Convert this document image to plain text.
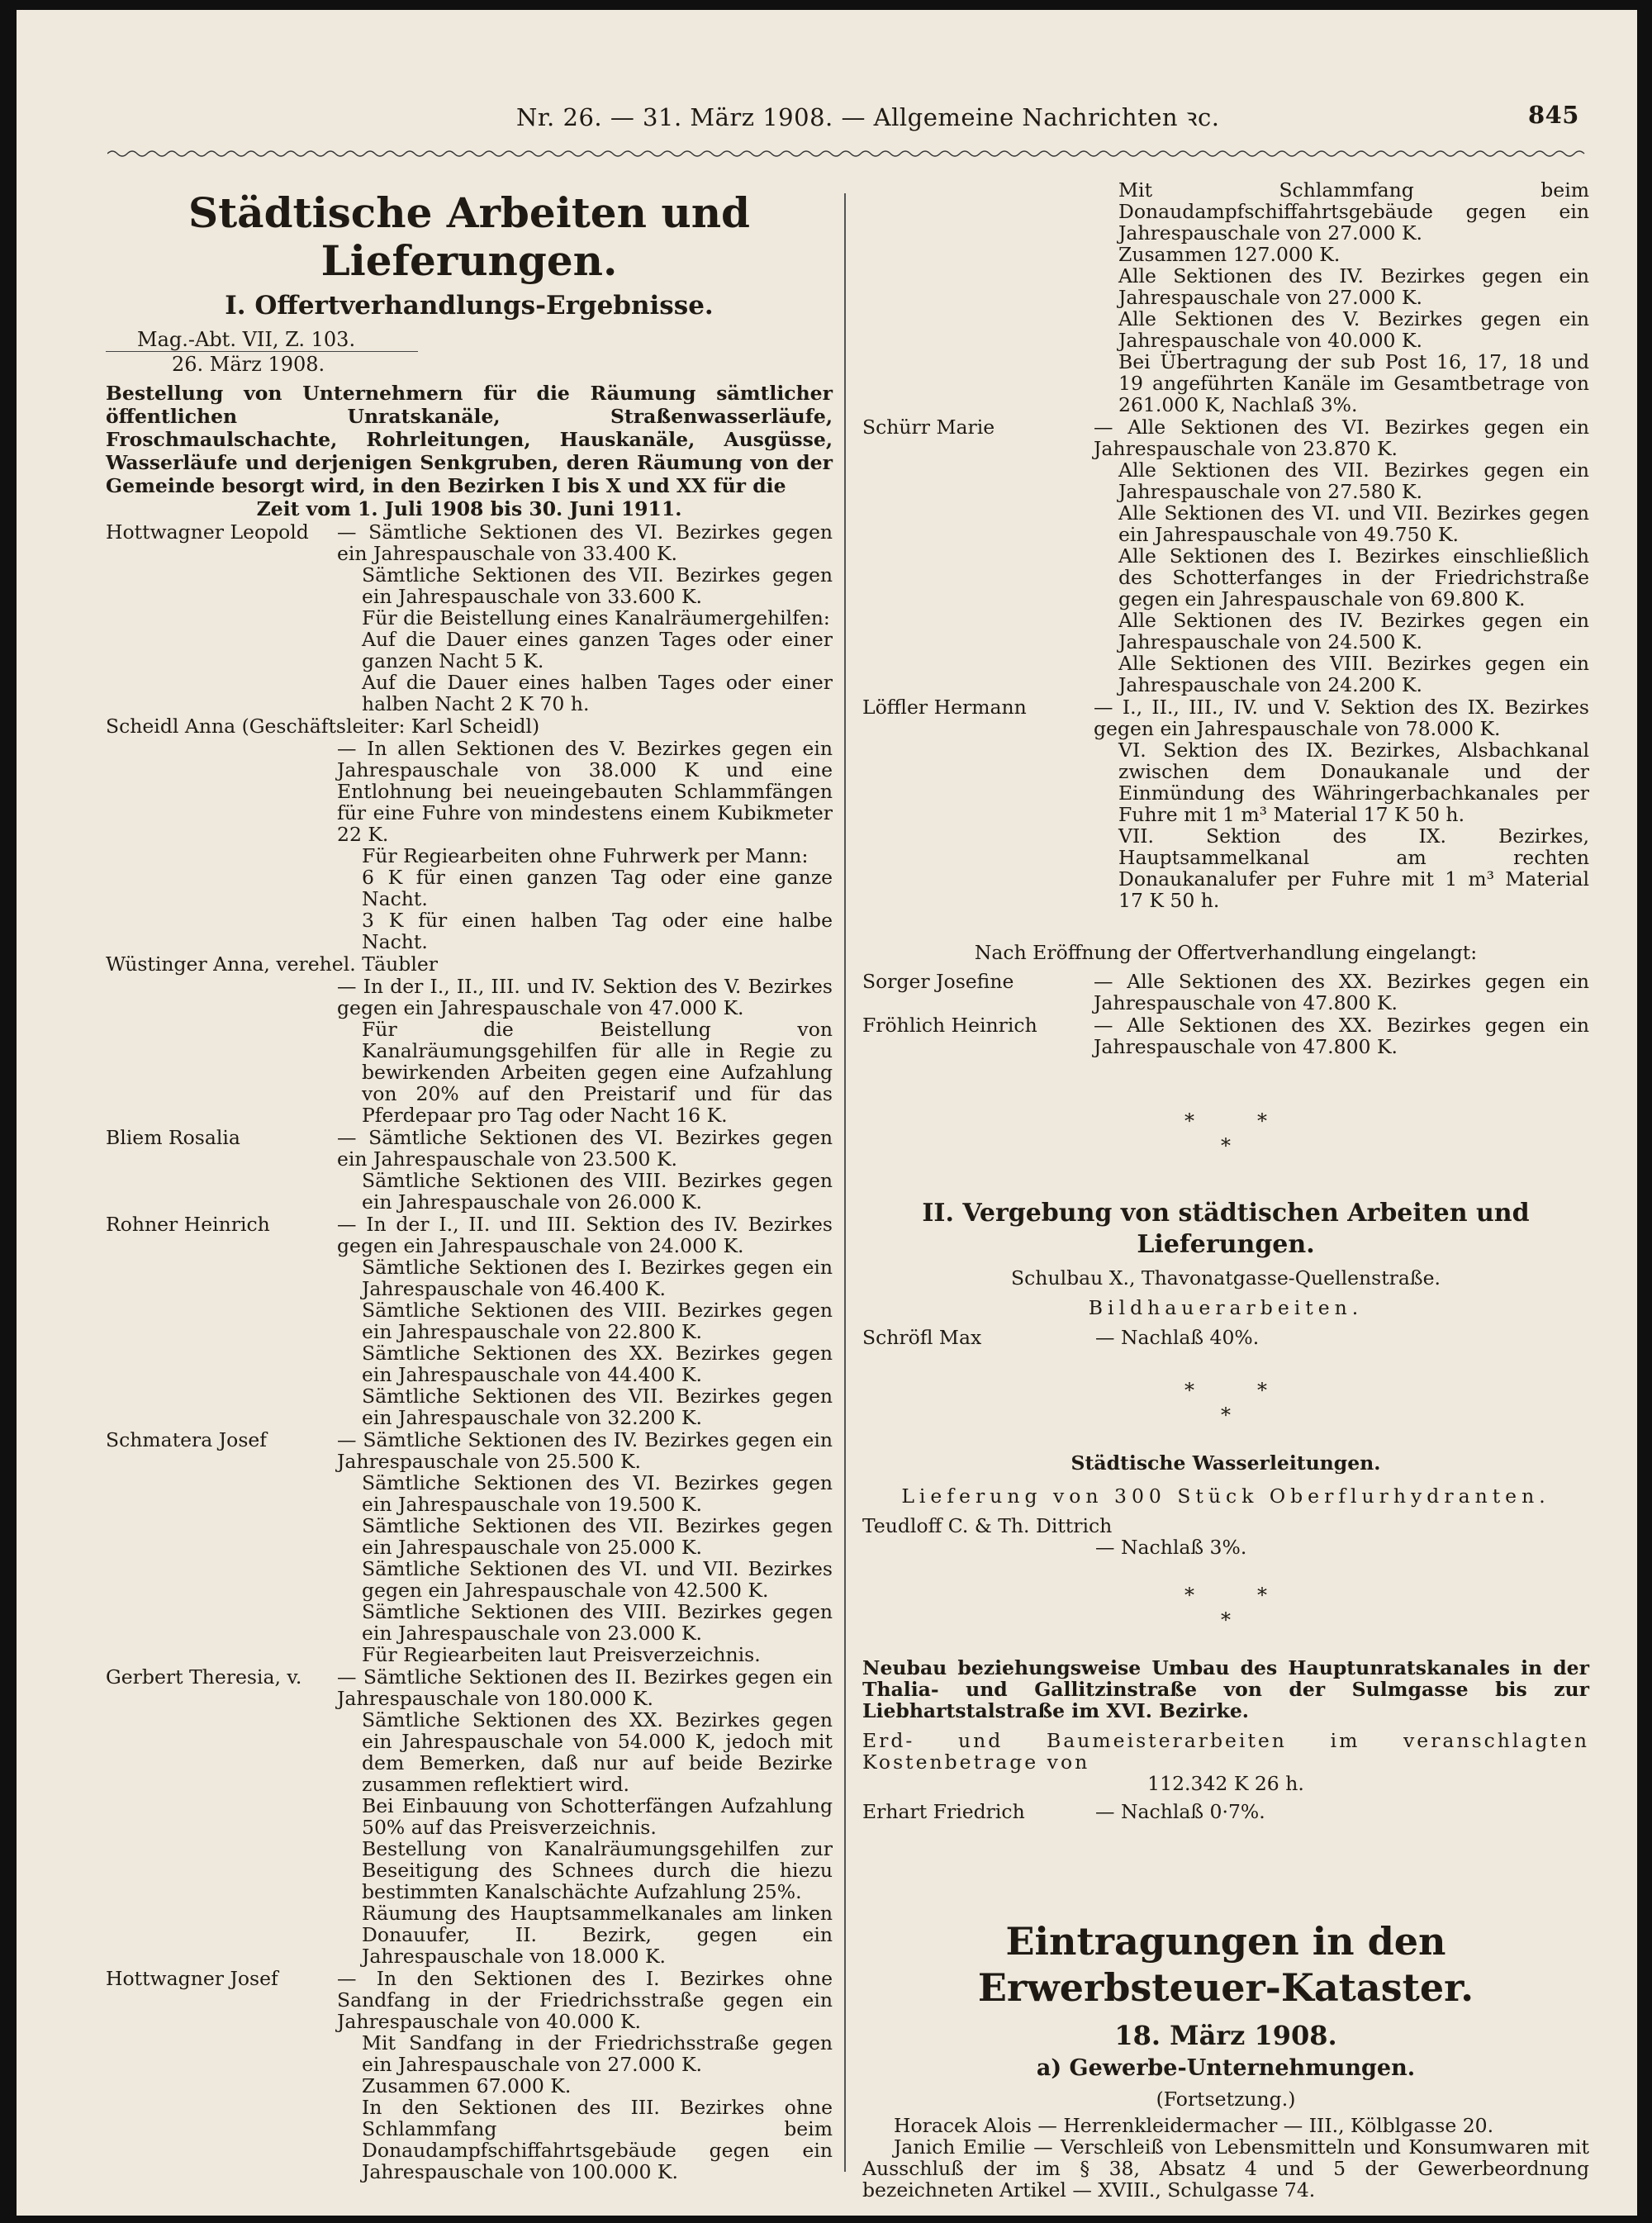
Nr. 26. — 31. März 1908. — Allgemeine Nachrichten ꝛc.	845
Städtische Arbeiten und Lieferungen.
I. Offertverhandlungs-Ergebnisse.
Mag.-Abt. VII, Z. 103.
26. März 1908.
Bestellung von Unternehmern für die Räumung sämtlicher öffentlichen Unratskanäle, Straßenwasserläufe, Froschmaulschachte, Rohrleitungen, Hauskanäle, Ausgüsse, Wasserläufe und derjenigen Senkgruben, deren Räumung von der Gemeinde besorgt wird, in den Bezirken I bis X und XX für die
Zeit vom 1. Juli 1908 bis 30. Juni 1911.
Hottwagner Leopold	— Sämtliche Sektionen des VI. Bezirkes gegen ein Jahrespauschale von 33.400 K.
Sämtliche Sektionen des VII. Bezirkes gegen ein Jahrespauschale von 33.600 K.
Für die Beistellung eines Kanalräumergehilfen:
Auf die Dauer eines ganzen Tages oder einer ganzen Nacht 5 K.
Auf die Dauer eines halben Tages oder einer halben Nacht 2 K 70 h.
Scheidl Anna (Geschäftsleiter: Karl Scheidl)
— In allen Sektionen des V. Bezirkes gegen ein Jahrespauschale von 38.000 K und eine Entlohnung bei neueingebauten Schlammfängen für eine Fuhre von mindestens einem Kubikmeter 22 K.
Für Regiearbeiten ohne Fuhrwerk per Mann:
6 K für einen ganzen Tag oder eine ganze Nacht.
3 K für einen halben Tag oder eine halbe Nacht.
Wüstinger Anna, verehel. Täubler
— In der I., II., III. und IV. Sektion des V. Bezirkes gegen ein Jahrespauschale von 47.000 K.
Für die Beistellung von Kanalräumungsgehilfen für alle in Regie zu bewirkenden Arbeiten gegen eine Aufzahlung von 20% auf den Preistarif und für das Pferdepaar pro Tag oder Nacht 16 K.
Bliem Rosalia	— Sämtliche Sektionen des VI. Bezirkes gegen ein Jahrespauschale von 23.500 K.
Sämtliche Sektionen des VIII. Bezirkes gegen ein Jahrespauschale von 26.000 K.
Rohner Heinrich	— In der I., II. und III. Sektion des IV. Bezirkes gegen ein Jahrespauschale von 24.000 K.
Sämtliche Sektionen des I. Bezirkes gegen ein Jahrespauschale von 46.400 K.
Sämtliche Sektionen des VIII. Bezirkes gegen ein Jahrespauschale von 22.800 K.
Sämtliche Sektionen des XX. Bezirkes gegen ein Jahrespauschale von 44.400 K.
Sämtliche Sektionen des VII. Bezirkes gegen ein Jahrespauschale von 32.200 K.
Schmatera Josef	— Sämtliche Sektionen des IV. Bezirkes gegen ein Jahrespauschale von 25.500 K.
Sämtliche Sektionen des VI. Bezirkes gegen ein Jahrespauschale von 19.500 K.
Sämtliche Sektionen des VII. Bezirkes gegen ein Jahrespauschale von 25.000 K.
Sämtliche Sektionen des VI. und VII. Bezirkes gegen ein Jahrespauschale von 42.500 K.
Sämtliche Sektionen des VIII. Bezirkes gegen ein Jahrespauschale von 23.000 K.
Für Regiearbeiten laut Preisverzeichnis.
Gerbert Theresia, v.	— Sämtliche Sektionen des II. Bezirkes gegen ein Jahrespauschale von 180.000 K.
Sämtliche Sektionen des XX. Bezirkes gegen ein Jahrespauschale von 54.000 K, jedoch mit dem Bemerken, daß nur auf beide Bezirke zusammen reflektiert wird.
Bei Einbauung von Schotterfängen Aufzahlung 50% auf das Preisverzeichnis.
Bestellung von Kanalräumungsgehilfen zur Beseitigung des Schnees durch die hiezu bestimmten Kanalschächte Aufzahlung 25%.
Räumung des Hauptsammelkanales am linken Donauufer, II. Bezirk, gegen ein Jahrespauschale von 18.000 K.
Hottwagner Josef	— In den Sektionen des I. Bezirkes ohne Sandfang in der Friedrichsstraße gegen ein Jahrespauschale von 40.000 K.
Mit Sandfang in der Friedrichsstraße gegen ein Jahrespauschale von 27.000 K.
Zusammen 67.000 K.
In den Sektionen des III. Bezirkes ohne Schlammfang beim Donaudampfschiffahrtsgebäude gegen ein Jahrespauschale von 100.000 K.
Mit Schlammfang beim Donaudampfschiffahrtsgebäude gegen ein Jahrespauschale von 27.000 K.
Zusammen 127.000 K.
Alle Sektionen des IV. Bezirkes gegen ein Jahrespauschale von 27.000 K.
Alle Sektionen des V. Bezirkes gegen ein Jahrespauschale von 40.000 K.
Bei Übertragung der sub Post 16, 17, 18 und 19 angeführten Kanäle im Gesamtbetrage von 261.000 K, Nachlaß 3%.
Schürr Marie	— Alle Sektionen des VI. Bezirkes gegen ein Jahrespauschale von 23.870 K.
Alle Sektionen des VII. Bezirkes gegen ein Jahrespauschale von 27.580 K.
Alle Sektionen des VI. und VII. Bezirkes gegen ein Jahrespauschale von 49.750 K.
Alle Sektionen des I. Bezirkes einschließlich des Schotterfanges in der Friedrichstraße gegen ein Jahrespauschale von 69.800 K.
Alle Sektionen des IV. Bezirkes gegen ein Jahrespauschale von 24.500 K.
Alle Sektionen des VIII. Bezirkes gegen ein Jahrespauschale von 24.200 K.
Löffler Hermann	— I., II., III., IV. und V. Sektion des IX. Bezirkes gegen ein Jahrespauschale von 78.000 K.
VI. Sektion des IX. Bezirkes, Alsbachkanal zwischen dem Donaukanale und der Einmündung des Währingerbachkanales per Fuhre mit 1 m³ Material 17 K 50 h.
VII. Sektion des IX. Bezirkes, Hauptsammelkanal am rechten Donaukanalufer per Fuhre mit 1 m³ Material 17 K 50 h.
Nach Eröffnung der Offertverhandlung eingelangt:
Sorger Josefine	— Alle Sektionen des XX. Bezirkes gegen ein Jahrespauschale von 47.800 K.
Fröhlich Heinrich	— Alle Sektionen des XX. Bezirkes gegen ein Jahrespauschale von 47.800 K.
*	*
*
II. Vergebung von städtischen Arbeiten und
Lieferungen.
Schulbau X., Thavonatgasse-Quellenstraße.
Bildhauerarbeiten.
Schröfl Max	— Nachlaß 40%.
*	*
*
Städtische Wasserleitungen.
Lieferung von 300 Stück Oberflurhydranten.
Teudloff C. & Th. Dittrich
— Nachlaß 3%.
*	*
*
Neubau beziehungsweise Umbau des Hauptunratskanales in der Thalia- und Gallitzinstraße von der Sulmgasse bis zur Liebhartstalstraße im XVI. Bezirke.
Erd- und Baumeisterarbeiten im veranschlagten Kostenbetrage von
112.342 K 26 h.
Erhart Friedrich	— Nachlaß 0·7%.
Eintragungen in den Erwerbsteuer-Kataster.
18. März 1908.
a) Gewerbe-Unternehmungen.
(Fortsetzung.)
Horacek Alois — Herrenkleidermacher — III., Kölblgasse 20.
Janich Emilie — Verschleiß von Lebensmitteln und Konsumwaren mit Ausschluß der im § 38, Absatz 4 und 5 der Gewerbeordnung bezeichneten Artikel — XVIII., Schulgasse 74.
